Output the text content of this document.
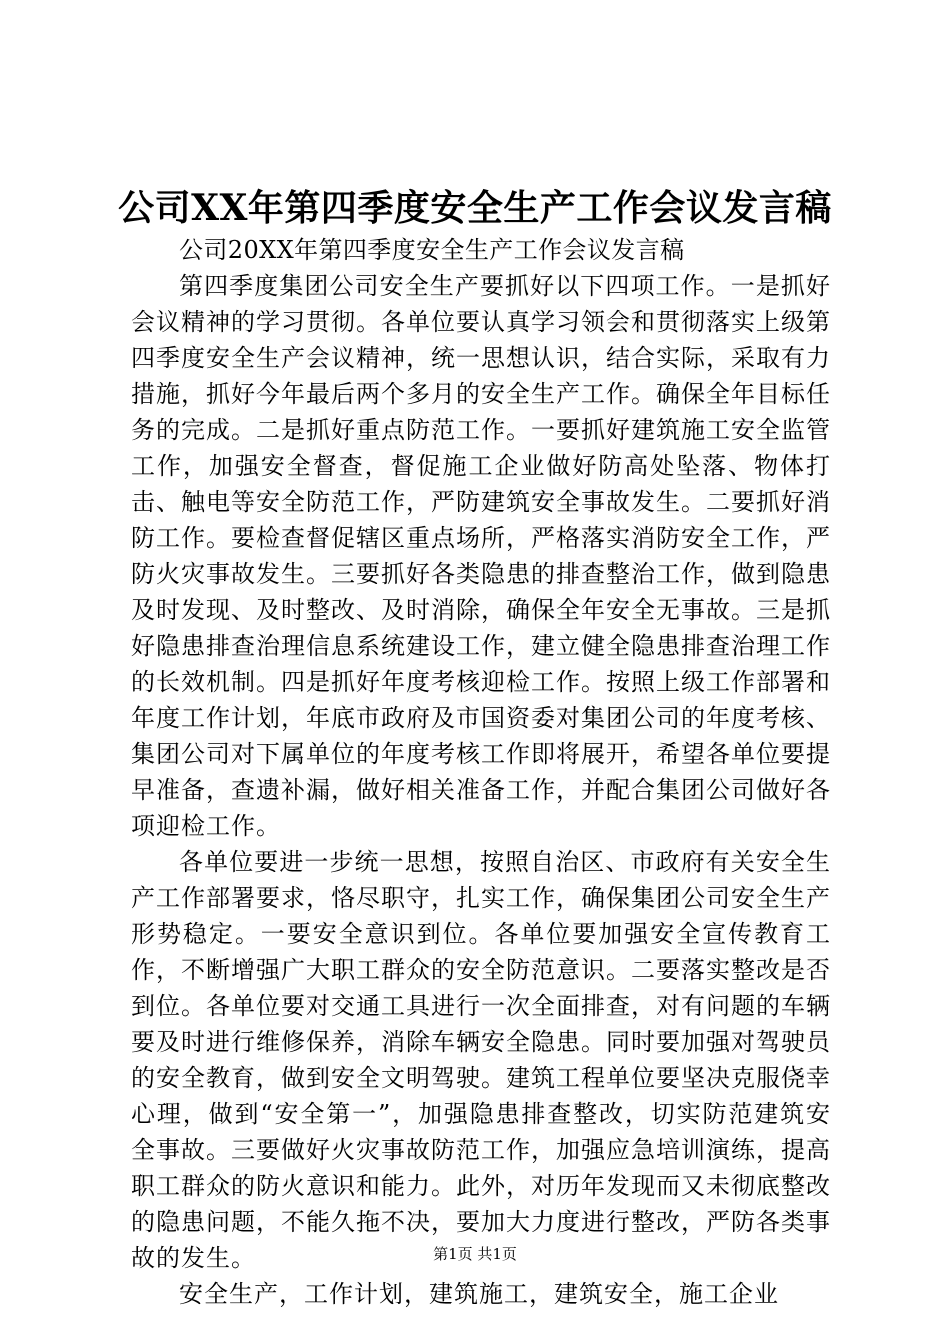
公司XX年第四季度安全生产工作会议发言稿

公司20XX年第四季度安全生产工作会议发言稿

第四季度集团公司安全生产要抓好以下四项工作。一是抓好会议精神的学习贯彻。各单位要认真学习领会和贯彻落实上级第四季度安全生产会议精神，统一思想认识，结合实际，采取有力措施，抓好今年最后两个多月的安全生产工作。确保全年目标任务的完成。二是抓好重点防范工作。一要抓好建筑施工安全监管工作，加强安全督查，督促施工企业做好防高处坠落、物体打击、触电等安全防范工作，严防建筑安全事故发生。二要抓好消防工作。要检查督促辖区重点场所，严格落实消防安全工作，严防火灾事故发生。三要抓好各类隐患的排查整治工作，做到隐患及时发现、及时整改、及时消除，确保全年安全无事故。三是抓好隐患排查治理信息系统建设工作，建立健全隐患排查治理工作的长效机制。四是抓好年度考核迎检工作。按照上级工作部署和年度工作计划，年底市政府及市国资委对集团公司的年度考核、集团公司对下属单位的年度考核工作即将展开，希望各单位要提早准备，查遗补漏，做好相关准备工作，并配合集团公司做好各项迎检工作。

各单位要进一步统一思想，按照自治区、市政府有关安全生产工作部署要求，恪尽职守，扎实工作，确保集团公司安全生产形势稳定。一要安全意识到位。各单位要加强安全宣传教育工作，不断增强广大职工群众的安全防范意识。二要落实整改是否到位。各单位要对交通工具进行一次全面排查，对有问题的车辆要及时进行维修保养，消除车辆安全隐患。同时要加强对驾驶员的安全教育，做到安全文明驾驶。建筑工程单位要坚决克服侥幸心理，做到“安全第一”，加强隐患排查整改，切实防范建筑安全事故。三要做好火灾事故防范工作，加强应急培训演练，提高职工群众的防火意识和能力。此外，对历年发现而又未彻底整改的隐患问题，不能久拖不决，要加大力度进行整改，严防各类事故的发生。

安全生产，工作计划，建筑施工，建筑安全，施工企业

第1页 共1页
